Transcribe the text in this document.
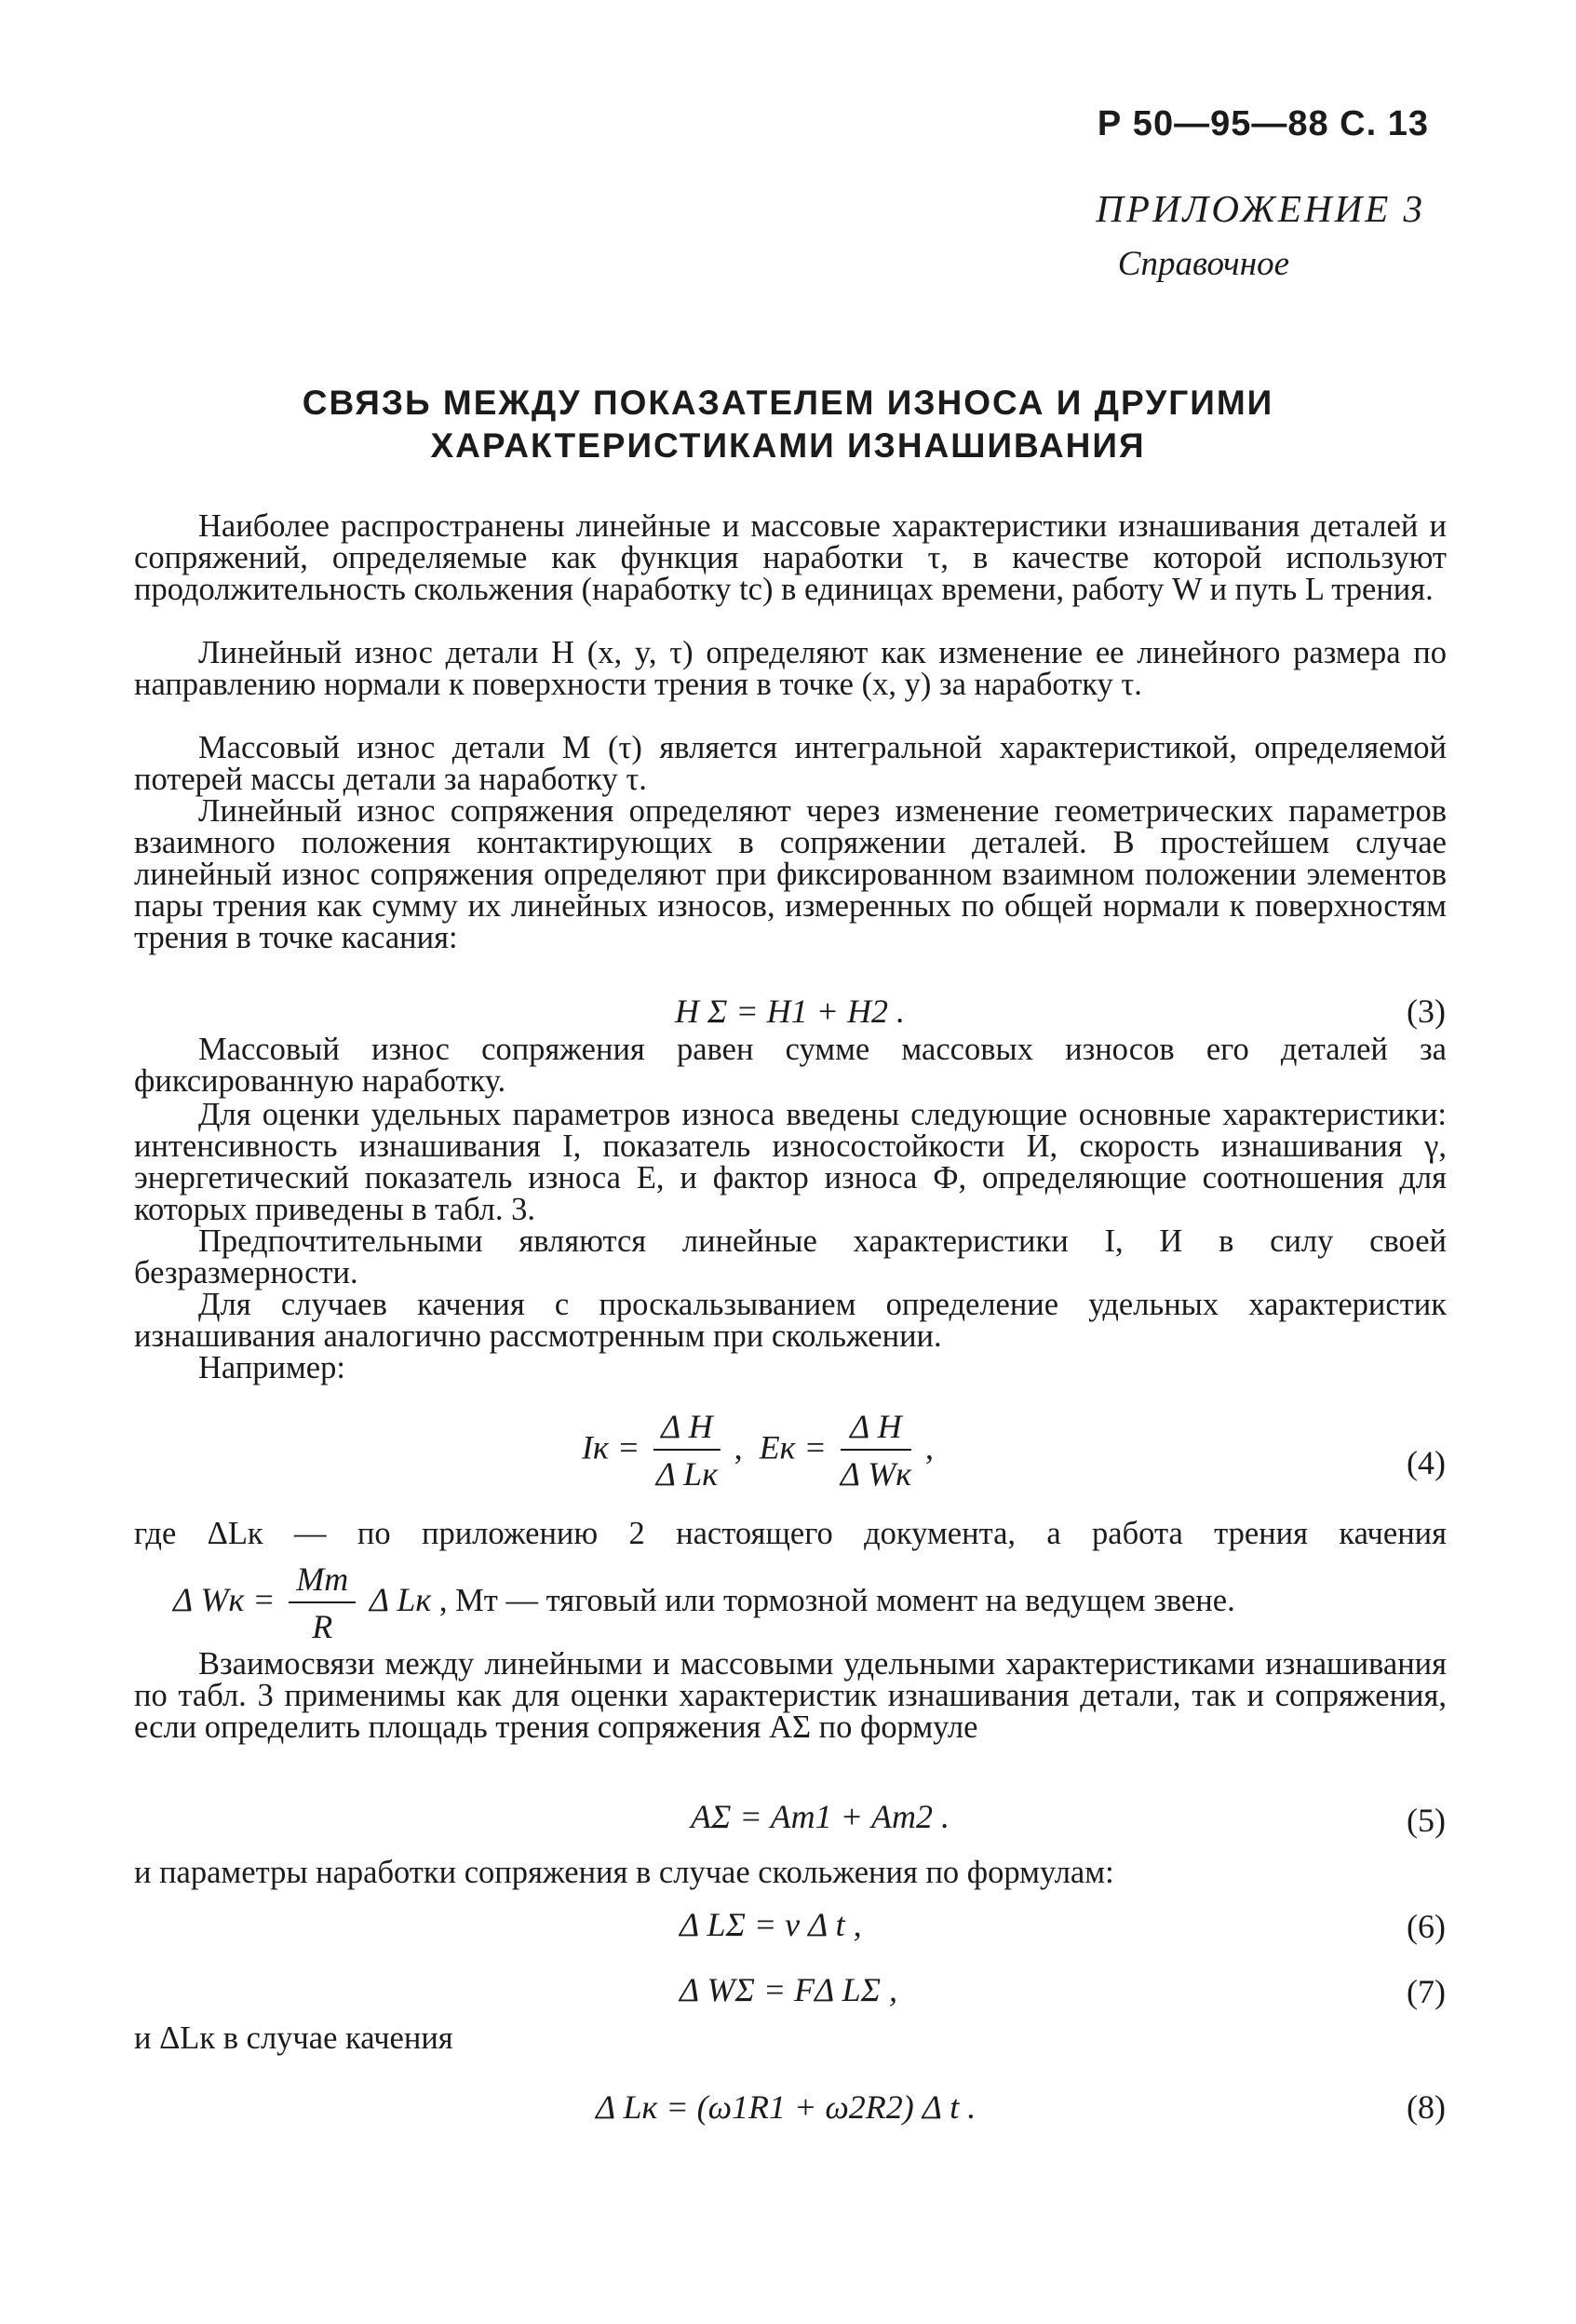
Р 50—95—88 С. 13
ПРИЛОЖЕНИЕ 3
Справочное
СВЯЗЬ МЕЖДУ ПОКАЗАТЕЛЕМ ИЗНОСА И ДРУГИМИ
ХАРАКТЕРИСТИКАМИ ИЗНАШИВАНИЯ

Наиболее распространены линейные и массовые характеристики изнашивания деталей и сопряжений, определяемые как функция наработки τ, в качестве которой используют продолжительность скольжения (наработку tc) в единицах времени, работу W и путь L трения.

Линейный износ детали H (x, y, τ) определяют как изменение ее линейного размера по направлению нормали к поверхности трения в точке (x, y) за наработку τ.

Массовый износ детали M (τ) является интегральной характеристикой, определяемой потерей массы детали за наработку τ.

Линейный износ сопряжения определяют через изменение геометрических параметров взаимного положения контактирующих в сопряжении деталей. В простейшем случае линейный износ сопряжения определяют при фиксированном взаимном положении элементов пары трения как сумму их линейных износов, измеренных по общей нормали к поверхностям трения в точке касания:

H Σ = H1 + H2 .	(3)

Массовый износ сопряжения равен сумме массовых износов его деталей за фиксированную наработку.

Для оценки удельных параметров износа введены следующие основные характеристики: интенсивность изнашивания I, показатель износостойкости И, скорость изнашивания γ, энергетический показатель износа E, и фактор износа Ф, определяющие соотношения для которых приведены в табл. 3.

Предпочтительными являются линейные характеристики I, И в силу своей безразмерности.

Для случаев качения с проскальзыванием определение удельных характеристик изнашивания аналогично рассмотренным при скольжении.

Например:

Iк = $\frac{\text{Δ H}}{\text{Δ Lк}}$ ,  Eк = $\frac{\text{Δ H}}{\text{Δ Wк}}$ ,	(4)

где ΔLк — по приложению 2 настоящего документа, а работа трения качения

Δ Wк = $\frac{Mт}{R}$ Δ Lк , Mт — тяговый или тормозной момент на ведущем звене.

Взаимосвязи между линейными и массовыми удельными характеристиками изнашивания по табл. 3 применимы как для оценки характеристик изнашивания детали, так и сопряжения, если определить площадь трения сопряжения AΣ по формуле

AΣ = Aт1 + Aт2 .	(5)

и параметры наработки сопряжения в случае скольжения по формулам:

Δ LΣ = v Δ t ,	(6)
Δ WΣ = FΔ LΣ ,	(7)

и ΔLк в случае качения

Δ Lк = (ω1R1 + ω2R2) Δ t .	(8)
